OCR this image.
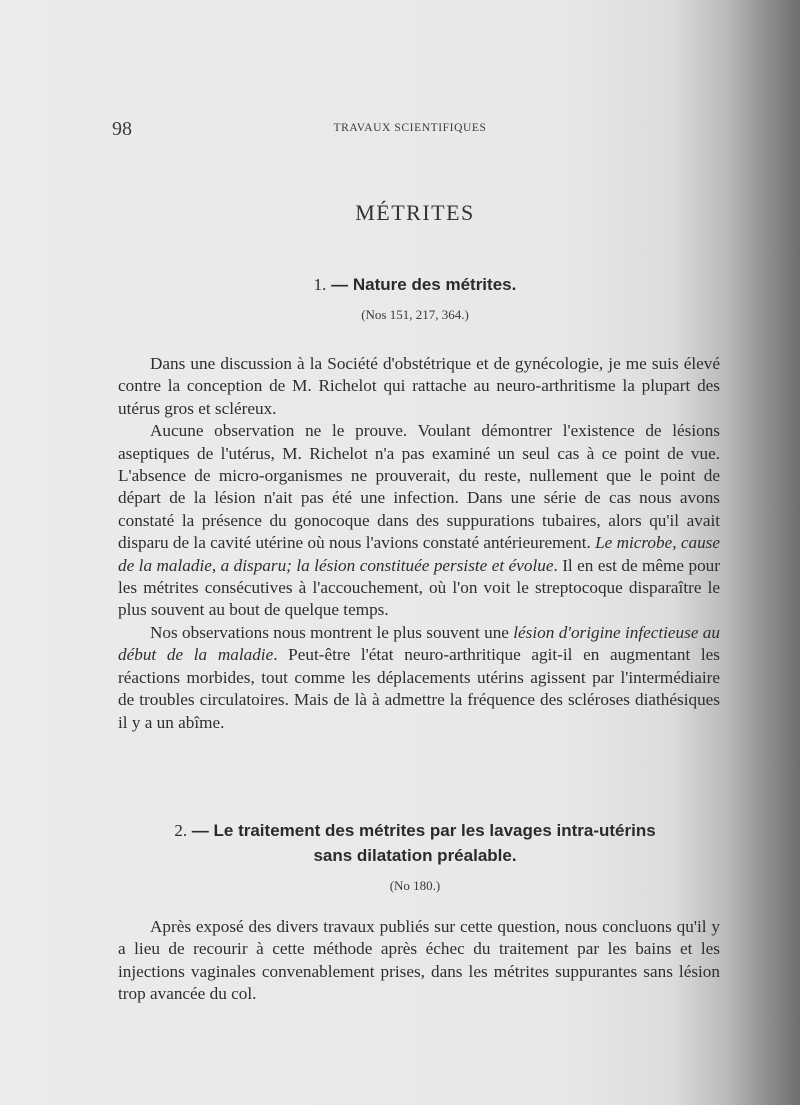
98	TRAVAUX SCIENTIFIQUES
MÉTRITES
1. — Nature des métrites.
(Nos 151, 217, 364.)

Dans une discussion à la Société d'obstétrique et de gynécologie, je me suis élevé contre la conception de M. Richelot qui rattache au neuro-arthritisme la plupart des utérus gros et scléreux.

Aucune observation ne le prouve. Voulant démontrer l'existence de lésions aseptiques de l'utérus, M. Richelot n'a pas examiné un seul cas à ce point de vue. L'absence de micro-organismes ne prouverait, du reste, nullement que le point de départ de la lésion n'ait pas été une infection. Dans une série de cas nous avons constaté la présence du gonocoque dans des suppurations tubaires, alors qu'il avait disparu de la cavité utérine où nous l'avions constaté antérieurement. Le microbe, cause de la maladie, a disparu; la lésion constituée persiste et évolue. Il en est de même pour les métrites consécutives à l'accouchement, où l'on voit le streptocoque disparaître le plus souvent au bout de quelque temps.

Nos observations nous montrent le plus souvent une lésion d'origine infectieuse au début de la maladie. Peut-être l'état neuro-arthritique agit-il en augmentant les réactions morbides, tout comme les déplacements utérins agissent par l'intermédiaire de troubles circulatoires. Mais de là à admettre la fréquence des scléroses diathésiques il y a un abîme.

2. — Le traitement des métrites par les lavages intra-utérins
sans dilatation préalable.
(No 180.)

Après exposé des divers travaux publiés sur cette question, nous concluons qu'il y a lieu de recourir à cette méthode après échec du traitement par les bains et les injections vaginales convenablement prises, dans les métrites suppurantes sans lésion trop avancée du col.
